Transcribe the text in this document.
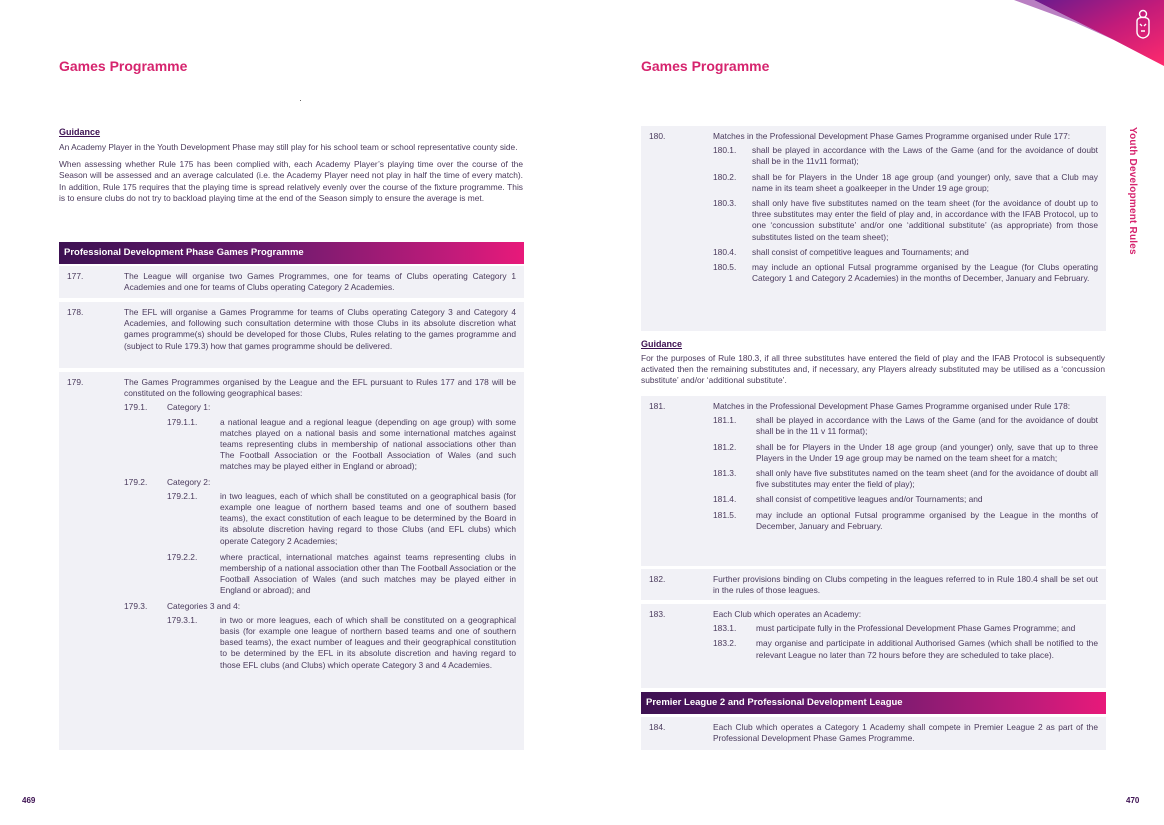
Games Programme
Guidance

An Academy Player in the Youth Development Phase may still play for his school team or school representative county side.

When assessing whether Rule 175 has been complied with, each Academy Player’s playing time over the course of the Season will be assessed and an average calculated (i.e. the Academy Player need not play in half the time of every match). In addition, Rule 175 requires that the playing time is spread relatively evenly over the course of the fixture programme. This is to ensure clubs do not try to backload playing time at the end of the Season simply to ensure the average is met.

Professional Development Phase Games Programme
177.	The League will organise two Games Programmes, one for teams of Clubs operating Category 1 Academies and one for teams of Clubs operating Category 2 Academies.
178.	The EFL will organise a Games Programme for teams of Clubs operating Category 3 and Category 4 Academies, and following such consultation determine with those Clubs in its absolute discretion what games programme(s) should be developed for those Clubs, Rules relating to the games programme and (subject to Rule 179.3) how that games programme should be delivered.
179.	The Games Programmes organised by the League and the EFL pursuant to Rules 177 and 178 will be constituted on the following geographical bases:
179.1.	Category 1:
179.1.1.	a national league and a regional league (depending on age group) with some matches played on a national basis and some international matches against teams representing clubs in membership of national associations other than The Football Association or the Football Association of Wales (and such matches may be played either in England or abroad);
179.2.	Category 2:
179.2.1.	in two leagues, each of which shall be constituted on a geographical basis (for example one league of northern based teams and one of southern based teams), the exact constitution of each league to be determined by the Board in its absolute discretion having regard to those Clubs (and EFL clubs) which operate Category 2 Academies;
179.2.2.	where practical, international matches against teams representing clubs in membership of a national association other than The Football Association or the Football Association of Wales (and such matches may be played either in England or abroad); and
179.3.	Categories 3 and 4:
179.3.1.	in two or more leagues, each of which shall be constituted on a geographical basis (for example one league of northern based teams and one of southern based teams), the exact number of leagues and their geographical constitution to be determined by the EFL in its absolute discretion and having regard to those EFL clubs (and Clubs) which operate Category 3 and 4 Academies.
469
Games Programme
Youth Development Rules
180.	Matches in the Professional Development Phase Games Programme organised under Rule 177:
180.1.	shall be played in accordance with the Laws of the Game (and for the avoidance of doubt shall be in the 11v11 format);
180.2.	shall be for Players in the Under 18 age group (and younger) only, save that a Club may name in its team sheet a goalkeeper in the Under 19 age group;
180.3.	shall only have five substitutes named on the team sheet (for the avoidance of doubt up to three substitutes may enter the field of play and, in accordance with the IFAB Protocol, up to one ‘concussion substitute’ and/or one ‘additional substitute’ (as appropriate) from those substitutes listed on the team sheet);
180.4.	shall consist of competitive leagues and Tournaments; and
180.5.	may include an optional Futsal programme organised by the League (for Clubs operating Category 1 and Category 2 Academies) in the months of December, January and February.
Guidance
For the purposes of Rule 180.3, if all three substitutes have entered the field of play and the IFAB Protocol is subsequently activated then the remaining substitutes and, if necessary, any Players already substituted may be utilised as a ‘concussion substitute’ and/or ‘additional substitute’.
181.	Matches in the Professional Development Phase Games Programme organised under Rule 178:
181.1.	shall be played in accordance with the Laws of the Game (and for the avoidance of doubt shall be in the 11 v 11 format);
181.2.	shall be for Players in the Under 18 age group (and younger) only, save that up to three Players in the Under 19 age group may be named on the team sheet for a match;
181.3.	shall only have five substitutes named on the team sheet (and for the avoidance of doubt all five substitutes may enter the field of play);
181.4.	shall consist of competitive leagues and/or Tournaments; and
181.5.	may include an optional Futsal programme organised by the League in the months of December, January and February.
182.	Further provisions binding on Clubs competing in the leagues referred to in Rule 180.4 shall be set out in the rules of those leagues.
183.	Each Club which operates an Academy:
183.1.	must participate fully in the Professional Development Phase Games Programme; and
183.2.	may organise and participate in additional Authorised Games (which shall be notified to the relevant League no later than 72 hours before they are scheduled to take place).
Premier League 2 and Professional Development League
184.	Each Club which operates a Category 1 Academy shall compete in Premier League 2 as part of the Professional Development Phase Games Programme.
470
